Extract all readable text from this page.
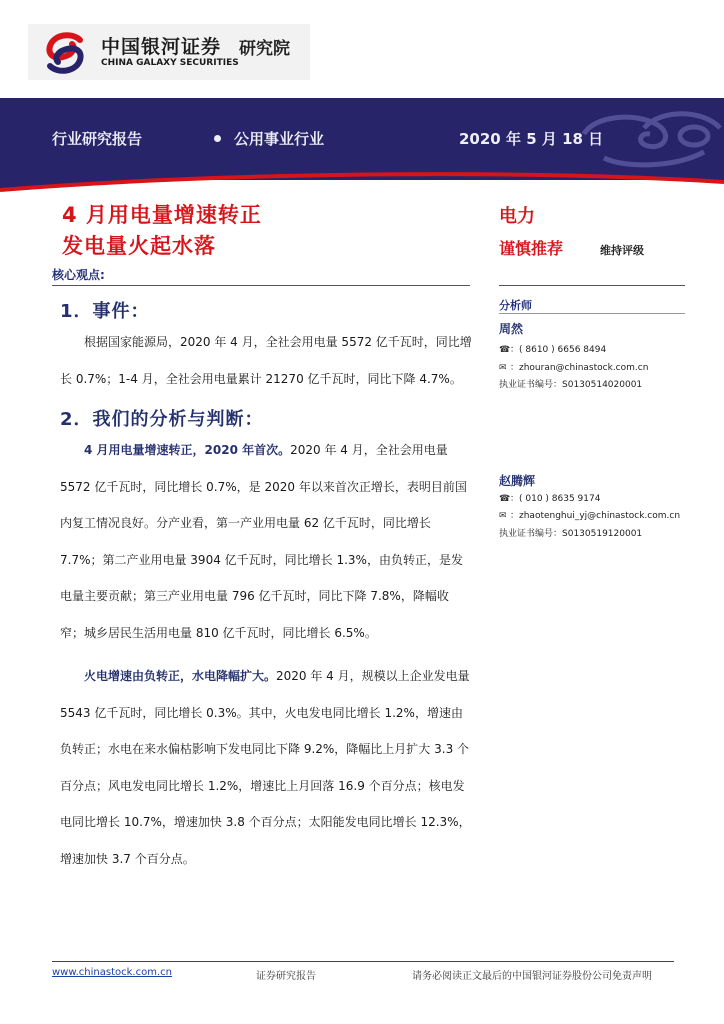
中国银河证券
CHINA GALAXY SECURITIES
研究院
行业研究报告	公用事业行业	2020 年 5 月 18 日
4 月用电量增速转正
发电量火起水落
电力
谨慎推荐	维持评级
核心观点:
1．事件：

根据国家能源局，2020 年 4 月，全社会用电量 5572 亿千瓦时，同比增长 0.7%；1-4 月，全社会用电量累计 21270 亿千瓦时，同比下降 4.7%。

2．我们的分析与判断：

4 月用电量增速转正，2020 年首次。2020 年 4 月，全社会用电量 5572 亿千瓦时，同比增长 0.7%，是 2020 年以来首次正增长，表明目前国内复工情况良好。分产业看，第一产业用电量 62 亿千瓦时，同比增长 7.7%；第二产业用电量 3904 亿千瓦时，同比增长 1.3%，由负转正，是发电量主要贡献；第三产业用电量 796 亿千瓦时，同比下降 7.8%，降幅收窄；城乡居民生活用电量 810 亿千瓦时，同比增长 6.5%。

火电增速由负转正，水电降幅扩大。2020 年 4 月，规模以上企业发电量 5543 亿千瓦时，同比增长 0.3%。其中，火电发电同比增长 1.2%，增速由负转正；水电在来水偏枯影响下发电同比下降 9.2%，降幅比上月扩大 3.3 个百分点；风电发电同比增长 1.2%，增速比上月回落 16.9 个百分点；核电发电同比增长 10.7%，增速加快 3.8 个百分点；太阳能发电同比增长 12.3%，增速加快 3.7 个百分点。

分析师
周然
☎：( 8610 ) 6656 8494
✉ ：zhouran@chinastock.com.cn
执业证书编号：S0130514020001
赵腾辉
☎：( 010 ) 8635 9174
✉ ：zhaotenghui_yj@chinastock.com.cn
执业证书编号：S0130519120001
www.chinastock.com.cn	证券研究报告	请务必阅读正文最后的中国银河证券股份公司免责声明
